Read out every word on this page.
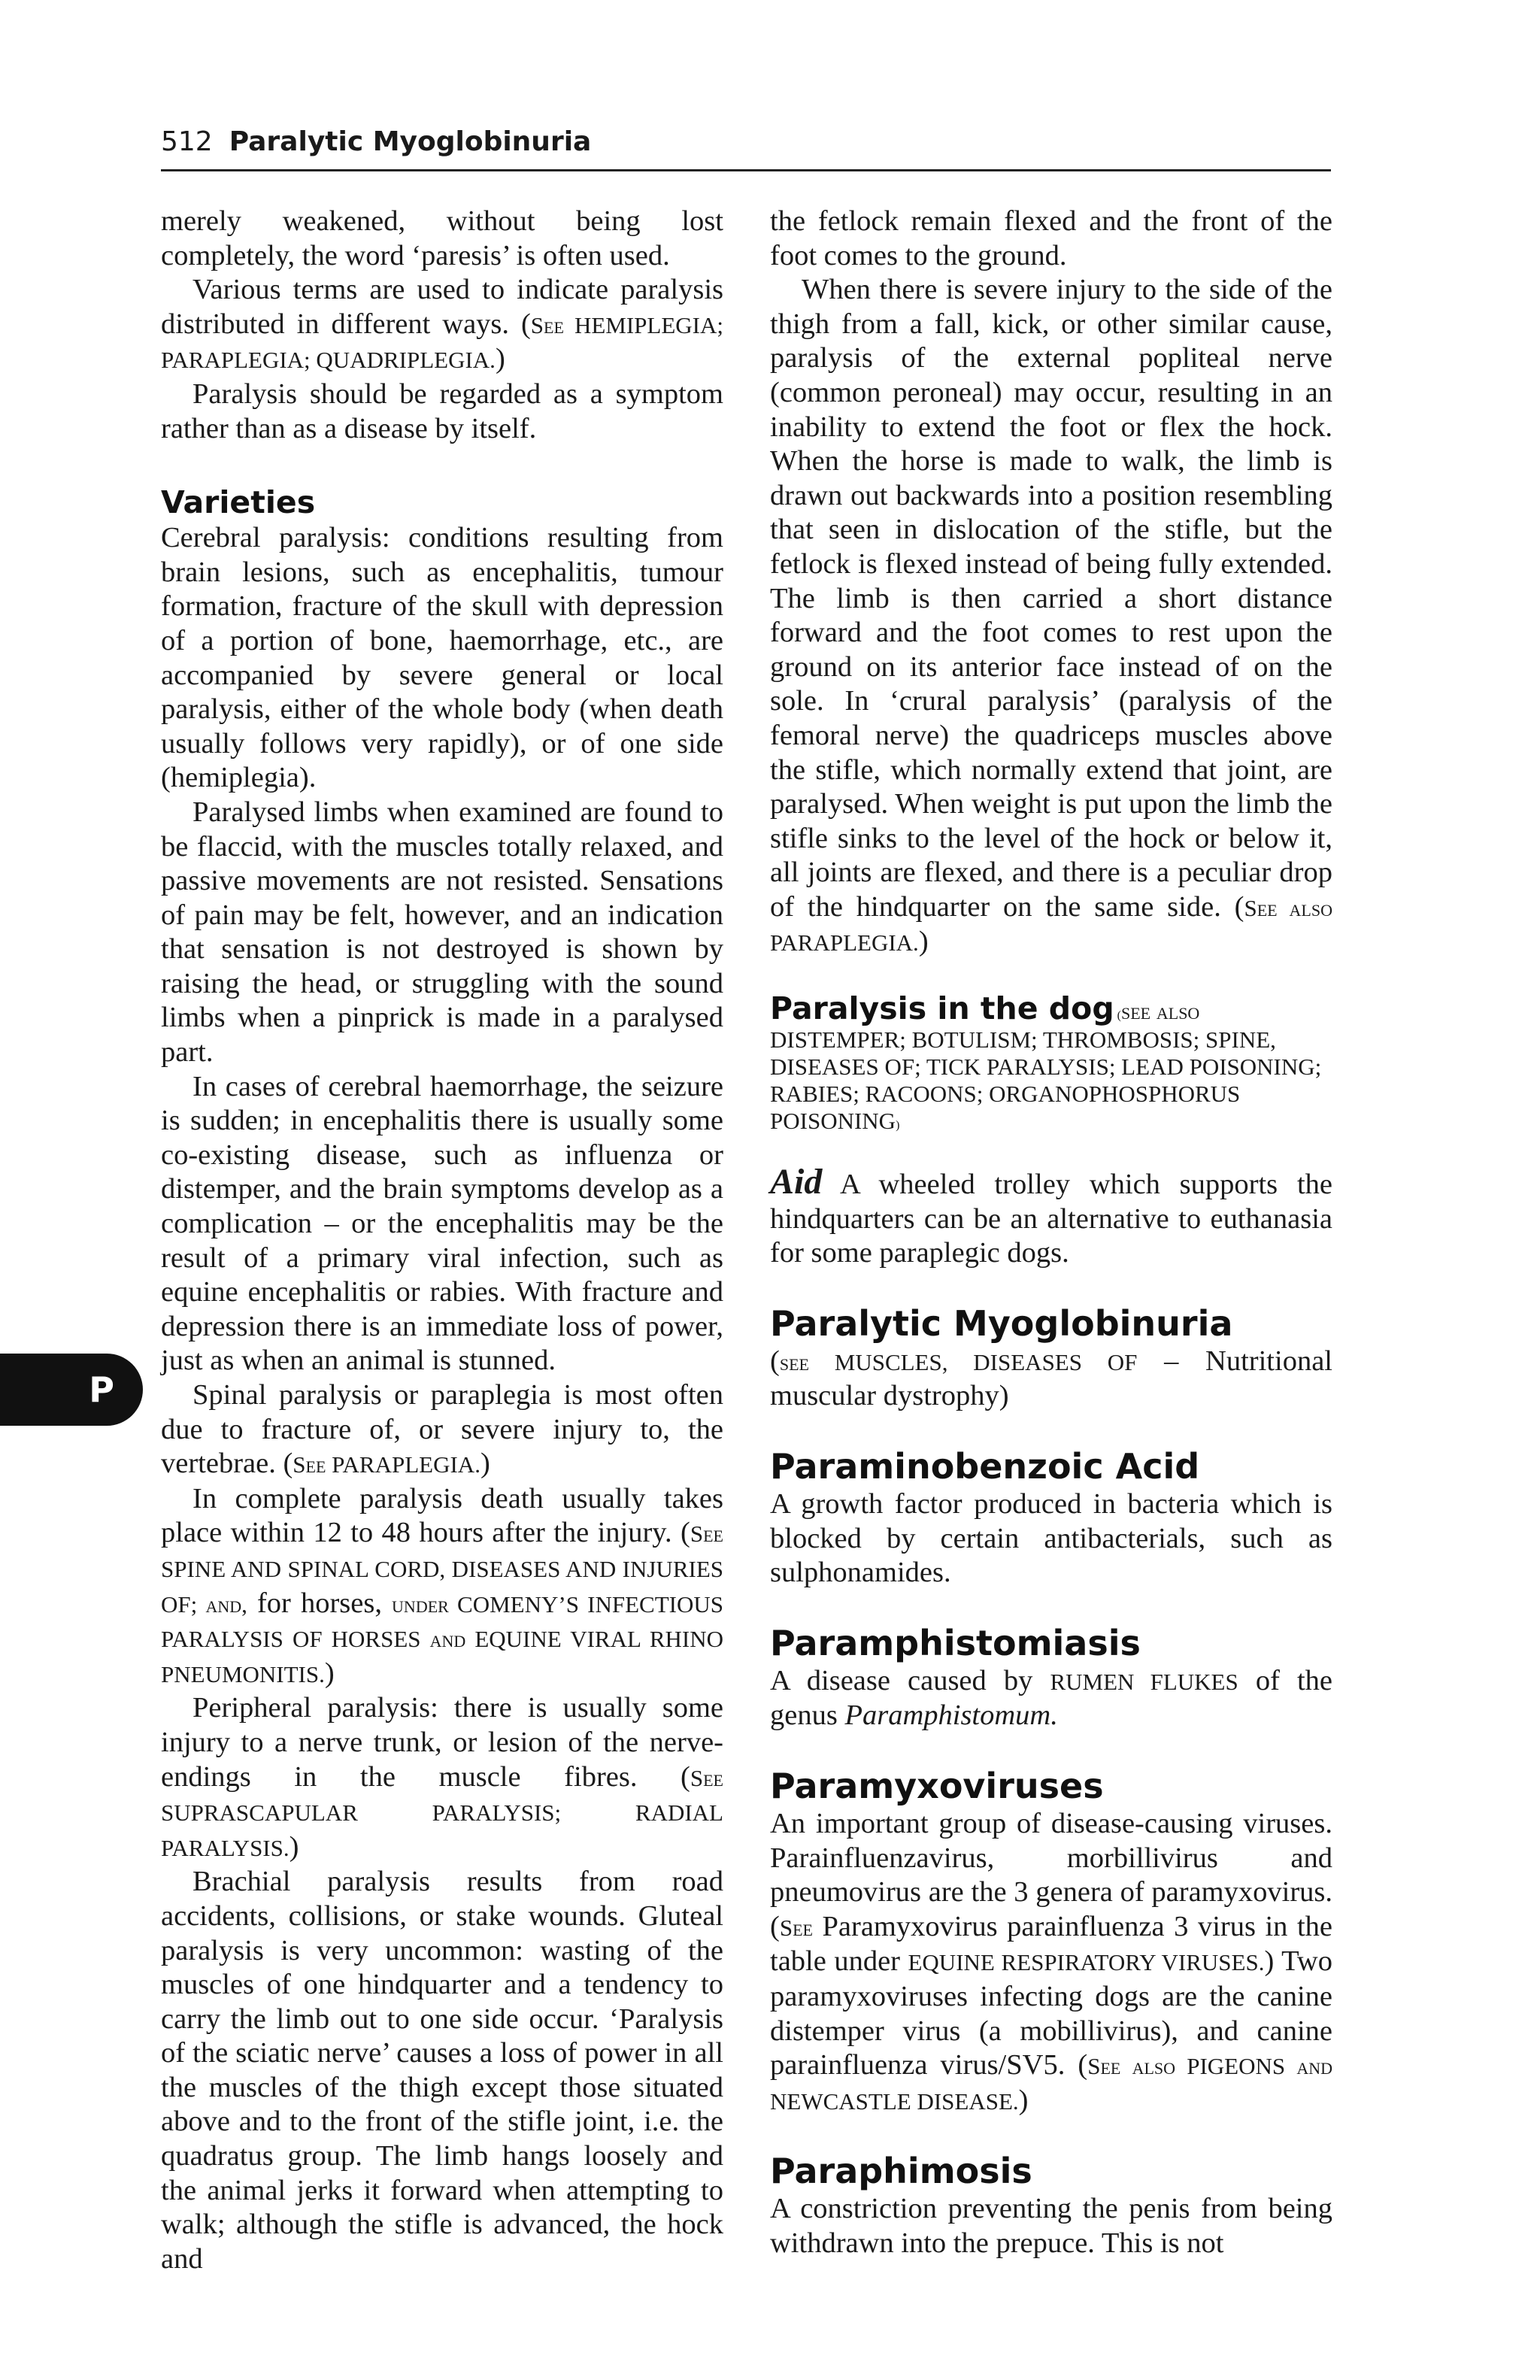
512 Paralytic Myoglobinuria
P

merely weakened, without being lost completely, the word ‘paresis’ is often used.

Various terms are used to indicate paralysis distributed in different ways. (See HEMIPLEGIA; PARAPLEGIA; QUADRIPLEGIA.)

Paralysis should be regarded as a symptom rather than as a disease by itself.

Varieties

Cerebral paralysis: conditions resulting from brain lesions, such as encephalitis, tumour formation, fracture of the skull with depression of a portion of bone, haemorrhage, etc., are accompanied by severe general or local paralysis, either of the whole body (when death usually follows very rapidly), or of one side (hemiplegia).

Paralysed limbs when examined are found to be flaccid, with the muscles totally relaxed, and passive movements are not resisted. Sensations of pain may be felt, however, and an indication that sensation is not destroyed is shown by raising the head, or struggling with the sound limbs when a pinprick is made in a paralysed part.

In cases of cerebral haemorrhage, the seizure is sudden; in encephalitis there is usually some co-existing disease, such as influenza or distemper, and the brain symptoms develop as a complication – or the encephalitis may be the result of a primary viral infection, such as equine encephalitis or rabies. With fracture and depression there is an immediate loss of power, just as when an animal is stunned.

Spinal paralysis or paraplegia is most often due to fracture of, or severe injury to, the vertebrae. (See PARAPLEGIA.)

In complete paralysis death usually takes place within 12 to 48 hours after the injury. (See SPINE AND SPINAL CORD, DISEASES AND INJURIES OF; and, for horses, under COMENY’S INFECTIOUS PARALYSIS OF HORSES and EQUINE VIRAL RHINO PNEUMONITIS.)

Peripheral paralysis: there is usually some injury to a nerve trunk, or lesion of the nerve-endings in the muscle fibres. (See SUPRASCAPULAR PARALYSIS; RADIAL PARALYSIS.)

Brachial paralysis results from road accidents, collisions, or stake wounds. Gluteal paralysis is very uncommon: wasting of the muscles of one hindquarter and a tendency to carry the limb out to one side occur. ‘Paralysis of the sciatic nerve’ causes a loss of power in all the muscles of the thigh except those situated above and to the front of the stifle joint, i.e. the quadratus group. The limb hangs loosely and the animal jerks it forward when attempting to walk; although the stifle is advanced, the hock and

the fetlock remain flexed and the front of the foot comes to the ground.

When there is severe injury to the side of the thigh from a fall, kick, or other similar cause, paralysis of the external popliteal nerve (common peroneal) may occur, resulting in an inability to extend the foot or flex the hock. When the horse is made to walk, the limb is drawn out backwards into a position resembling that seen in dislocation of the stifle, but the fetlock is flexed instead of being fully extended. The limb is then carried a short distance forward and the foot comes to rest upon the ground on its anterior face instead of on the sole. In ‘crural paralysis’ (paralysis of the femoral nerve) the quadriceps muscles above the stifle, which normally extend that joint, are paralysed. When weight is put upon the limb the stifle sinks to the level of the hock or below it, all joints are flexed, and there is a peculiar drop of the hindquarter on the same side. (See also PARAPLEGIA.)

Paralysis in the dog (see also DISTEMPER; BOTULISM; THROMBOSIS; SPINE, DISEASES OF; TICK PARALYSIS; LEAD POISONING; RABIES; RACOONS; ORGANOPHOSPHORUS POISONING)

Aid A wheeled trolley which supports the hindquarters can be an alternative to euthanasia for some paraplegic dogs.

Paralytic Myoglobinuria

(see MUSCLES, DISEASES OF – Nutritional muscular dystrophy)

Paraminobenzoic Acid

A growth factor produced in bacteria which is blocked by certain antibacterials, such as sulphonamides.

Paramphistomiasis

A disease caused by RUMEN FLUKES of the genus Paramphistomum.

Paramyxoviruses

An important group of disease-causing viruses. Parainfluenzavirus, morbillivirus and pneumovirus are the 3 genera of paramyxovirus. (See Paramyxovirus parainfluenza 3 virus in the table under EQUINE RESPIRATORY VIRUSES.) Two paramyxoviruses infecting dogs are the canine distemper virus (a mobillivirus), and canine parainfluenza virus/SV5. (See also PIGEONS and NEWCASTLE DISEASE.)

Paraphimosis

A constriction preventing the penis from being withdrawn into the prepuce. This is not
